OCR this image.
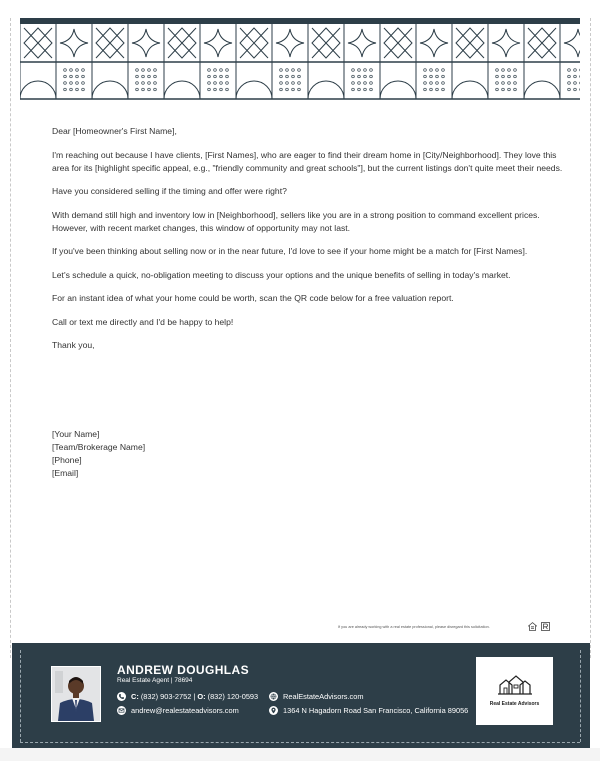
Dear [Homeowner's First Name],

I'm reaching out because I have clients, [First Names], who are eager to find their dream home in [City/Neighborhood]. They love this area for its [highlight specific appeal, e.g., "friendly community and great schools"], but the current listings don't quite meet their needs.

Have you considered selling if the timing and offer were right?

With demand still high and inventory low in [Neighborhood], sellers like you are in a strong position to command excellent prices. However, with recent market changes, this window of opportunity may not last.

If you've been thinking about selling now or in the near future, I'd love to see if your home might be a match for [First Names].

Let's schedule a quick, no-obligation meeting to discuss your options and the unique benefits of selling in today's market.

For an instant idea of what your home could be worth, scan the QR code below for a free valuation report.

Call or text me directly and I'd be happy to help!

Thank you,

[Your Name]
[Team/Brokerage Name]
[Phone]
[Email]
If you are already working with a real estate professional, please disregard this solicitation.
ANDREW DOUGHLAS
Real Estate Agent | 78694
C: (832) 903-2752 | O: (832) 120-0593
andrew@realestateadvisors.com
RealEstateAdvisors.com
1364 N Hagadorn Road San Francisco, California 89056
Real Estate Advisors
